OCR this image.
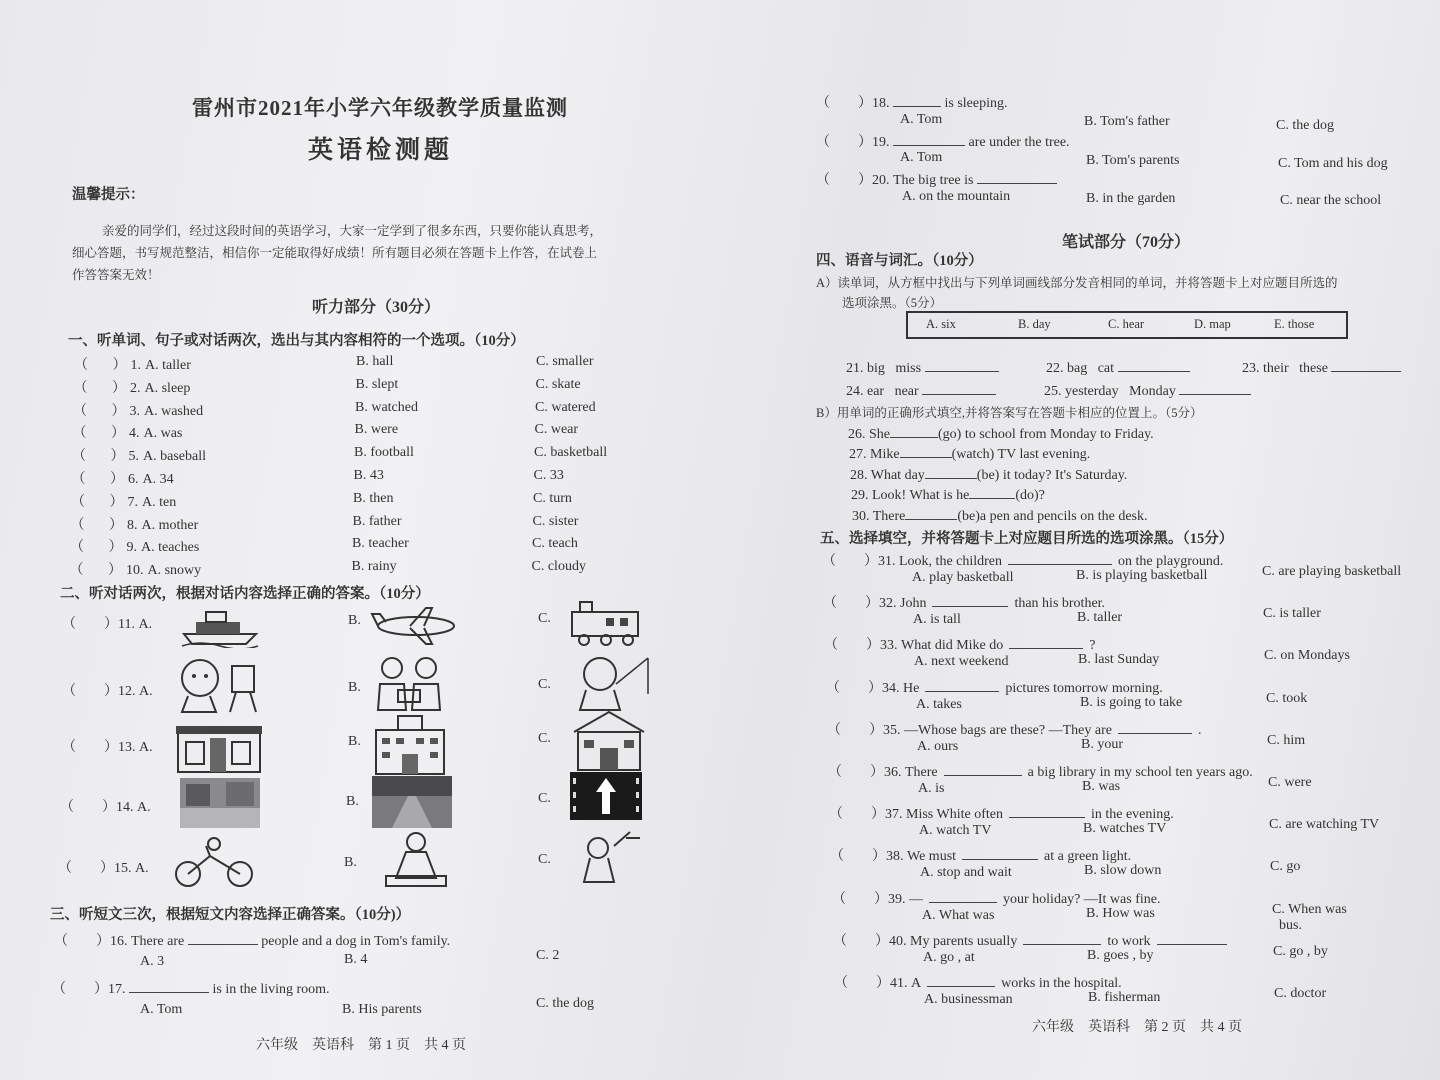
雷州市2021年小学六年级教学质量监测
英语检测题
温馨提示：
亲爱的同学们，经过这段时间的英语学习，大家一定学到了很多东西，只要你能认真思考，
细心答题，书写规范整洁，相信你一定能取得好成绩！所有题目必须在答题卡上作答，在试卷上
作答答案无效！
听力部分（30分）
一、听单词、句子或对话两次，选出与其内容相符的一个选项。（10分）
（ ） 1. A. taller	B. hall	C. smaller
（ ） 2. A. sleep	B. slept	C. skate
（ ） 3. A. washed	B. watched	C. watered
（ ） 4. A. was	B. were	C. wear
（ ） 5. A. baseball	B. football	C. basketball
（ ） 6. A. 34	B. 43	C. 33
（ ） 7. A. ten	B. then	C. turn
（ ） 8. A. mother	B. father	C. sister
（ ） 9. A. teaches	B. teacher	C. teach
（ ） 10. A. snowy	B. rainy	C. cloudy
二、听对话两次，根据对话内容选择正确的答案。（10分）
（　　）11. A.	B.	C.
（　　）12. A.	B.	C.
（　　）13. A.	B.	C.
（　　）14. A.	B.	C.
（　　）15. A.	B.	C.
三、听短文三次，根据短文内容选择正确答案。（10分)）
（　　）16. There are	people and a dog in Tom's family.
A. 3	B. 4	C. 2
（　　）17.	is in the living room.
A. Tom	B. His parents	C. the dog
六年级　英语科　第 1 页　共 4 页
（　　）18.	is sleeping.
A. Tom	B. Tom's father	C. the dog
（　　）19.	are under the tree.
A. Tom	B. Tom's parents	C. Tom and his dog
（　　）20. The big tree is
A. on the mountain	B. in the garden	C. near the school
笔试部分（70分）
四、语音与词汇。（10分）
A）读单词，从方框中找出与下列单词画线部分发音相同的单词，并将答题卡上对应题目所选的
选项涂黑。（5分）
A. six	B. day	C. hear	D. map	E. those
21. big miss	22. bag cat	23. their these
24. ear near	25. yesterday Monday
B）用单词的正确形式填空,并将答案写在答题卡相应的位置上。（5分）
26. She	(go) to school from Monday to Friday.
27. Mike	(watch) TV last evening.
28. What day	(be) it today? It's Saturday.
29. Look! What is he	(do)?
30. There	(be)a pen and pencils on the desk.
五、选择填空，并将答题卡上对应题目所选的选项涂黑。（15分）
（　　）31. Look, the children	on the playground.
A. play basketball	B. is playing basketball	C. are playing basketball
（　　）32. John	than his brother.
A. is tall	B. taller	C. is taller
（　　）33. What did Mike do	?
A. next weekend	B. last Sunday	C. on Mondays
（　　）34. He	pictures tomorrow morning.
A. takes	B. is going to take	C. took
（　　）35. —Whose bags are these? —They are	.
A. ours	B. your	C. him
（　　）36. There	a big library in my school ten years ago.
A. is	B. was	C. were
（　　）37. Miss White often	in the evening.
A. watch TV	B. watches TV	C. are watching TV
（　　）38. We must	at a green light.
A. stop and wait	B. slow down	C. go
（　　）39. —	your holiday? —It was fine.
A. What was	B. How was	C. When was
（　　）40. My parents usually	to work
bus.
A. go , at	B. goes , by	C. go , by
（　　）41. A	works in the hospital.
A. businessman	B. fisherman	C. doctor
六年级　英语科　第 2 页　共 4 页
